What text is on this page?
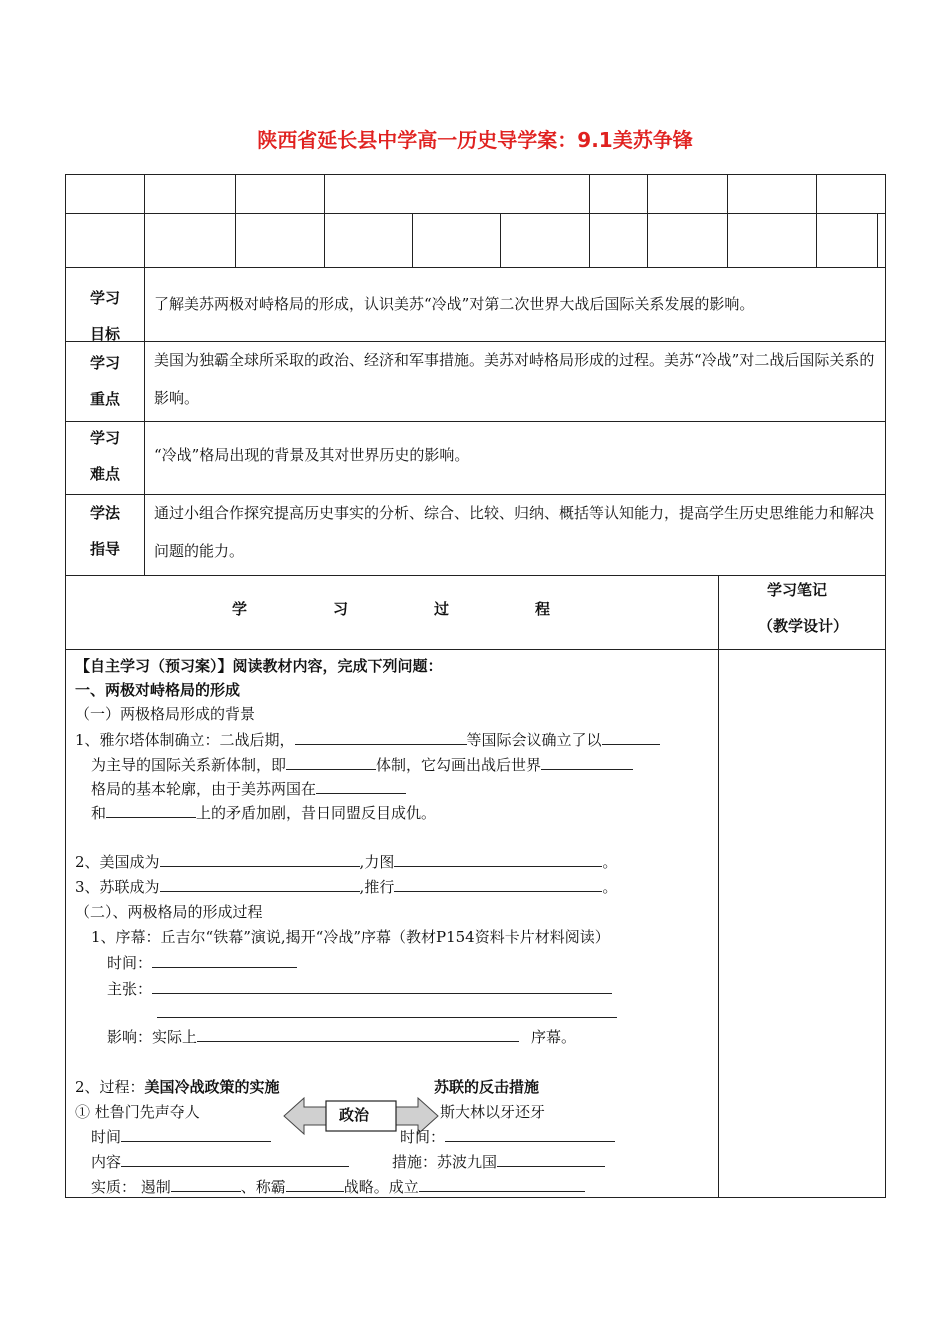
陕西省延长县中学高一历史导学案：9.1美苏争锋
学习
目标
了解美苏两极对峙格局的形成，认识美苏“冷战”对第二次世界大战后国际关系发展的影响。
学习
重点
美国为独霸全球所采取的政治、经济和军事措施。美苏对峙格局形成的过程。美苏“冷战”对二战后国际关系的影响。
学习
难点
“冷战”格局出现的背景及其对世界历史的影响。
学法
指导
通过小组合作探究提高历史事实的分析、综合、比较、归纳、概括等认知能力，提高学生历史思维能力和解决问题的能力。
学	习	过	程
学习笔记
（教学设计）
【自主学习（预习案）】阅读教材内容，完成下列问题：
一、两极对峙格局的形成
（一）两极格局形成的背景
1、雅尔塔体制确立：二战后期，	等国际会议确立了以
为主导的国际关系新体制，即	体制，它勾画出战后世界
格局的基本轮廓，由于美苏两国在
和	上的矛盾加剧，昔日同盟反目成仇。
2、美国成为	,力图	。
3、苏联成为	,推行	。
（二）、两极格局的形成过程
1、序幕：丘吉尔“铁幕”演说,揭开“冷战”序幕（教材P154资料卡片材料阅读）
时间：
主张：
影响：实际上	序幕。
2、过程：美国冷战政策的实施	苏联的反击措施
政治
① 杜鲁门先声夺人	斯大林以牙还牙
时间	时间：
内容	措施：苏波九国
实质： 遏制	、称霸	战略。成立
